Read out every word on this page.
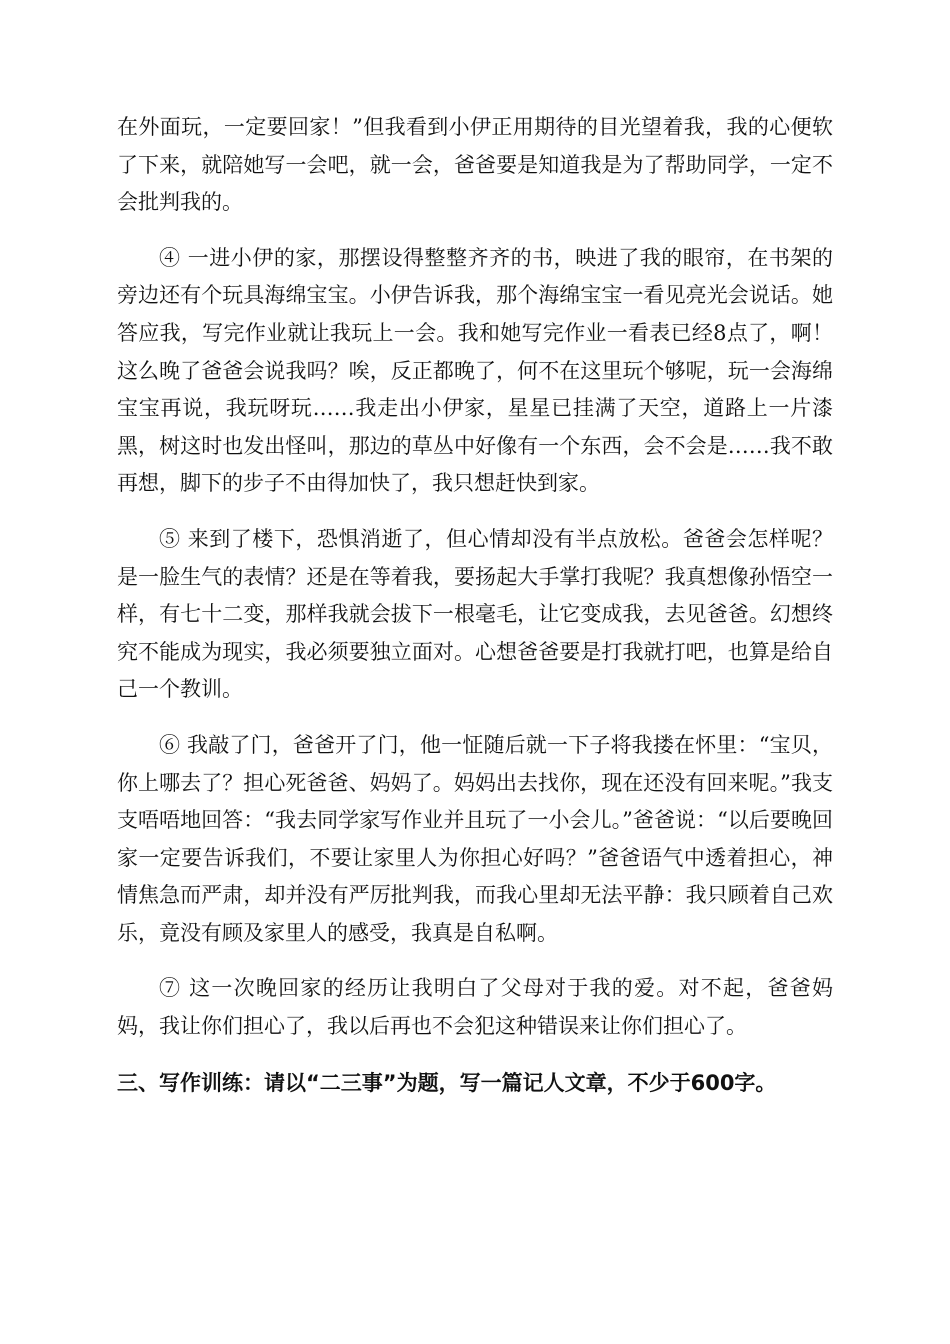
在外面玩，一定要回家！”但我看到小伊正用期待的目光望着我，我的心便软了下来，就陪她写一会吧，就一会，爸爸要是知道我是为了帮助同学，一定不会批判我的。

④ 一进小伊的家，那摆设得整整齐齐的书，映进了我的眼帘，在书架的旁边还有个玩具海绵宝宝。小伊告诉我，那个海绵宝宝一看见亮光会说话。她答应我，写完作业就让我玩上一会。我和她写完作业一看表已经8点了，啊！这么晚了爸爸会说我吗？唉，反正都晚了，何不在这里玩个够呢，玩一会海绵宝宝再说，我玩呀玩……我走出小伊家，星星已挂满了天空，道路上一片漆黑，树这时也发出怪叫，那边的草丛中好像有一个东西，会不会是……我不敢再想，脚下的步子不由得加快了，我只想赶快到家。

⑤ 来到了楼下，恐惧消逝了，但心情却没有半点放松。爸爸会怎样呢？是一脸生气的表情？还是在等着我，要扬起大手掌打我呢？我真想像孙悟空一样，有七十二变，那样我就会拔下一根毫毛，让它变成我，去见爸爸。幻想终究不能成为现实，我必须要独立面对。心想爸爸要是打我就打吧，也算是给自己一个教训。

⑥ 我敲了门，爸爸开了门，他一怔随后就一下子将我搂在怀里：“宝贝，你上哪去了？担心死爸爸、妈妈了。妈妈出去找你，现在还没有回来呢。”我支支唔唔地回答：“我去同学家写作业并且玩了一小会儿。”爸爸说：“以后要晚回家一定要告诉我们，不要让家里人为你担心好吗？”爸爸语气中透着担心，神情焦急而严肃，却并没有严厉批判我，而我心里却无法平静：我只顾着自己欢乐，竟没有顾及家里人的感受，我真是自私啊。

⑦ 这一次晚回家的经历让我明白了父母对于我的爱。对不起，爸爸妈妈，我让你们担心了，我以后再也不会犯这种错误来让你们担心了。

三、写作训练：请以“二三事”为题，写一篇记人文章，不少于600字。
